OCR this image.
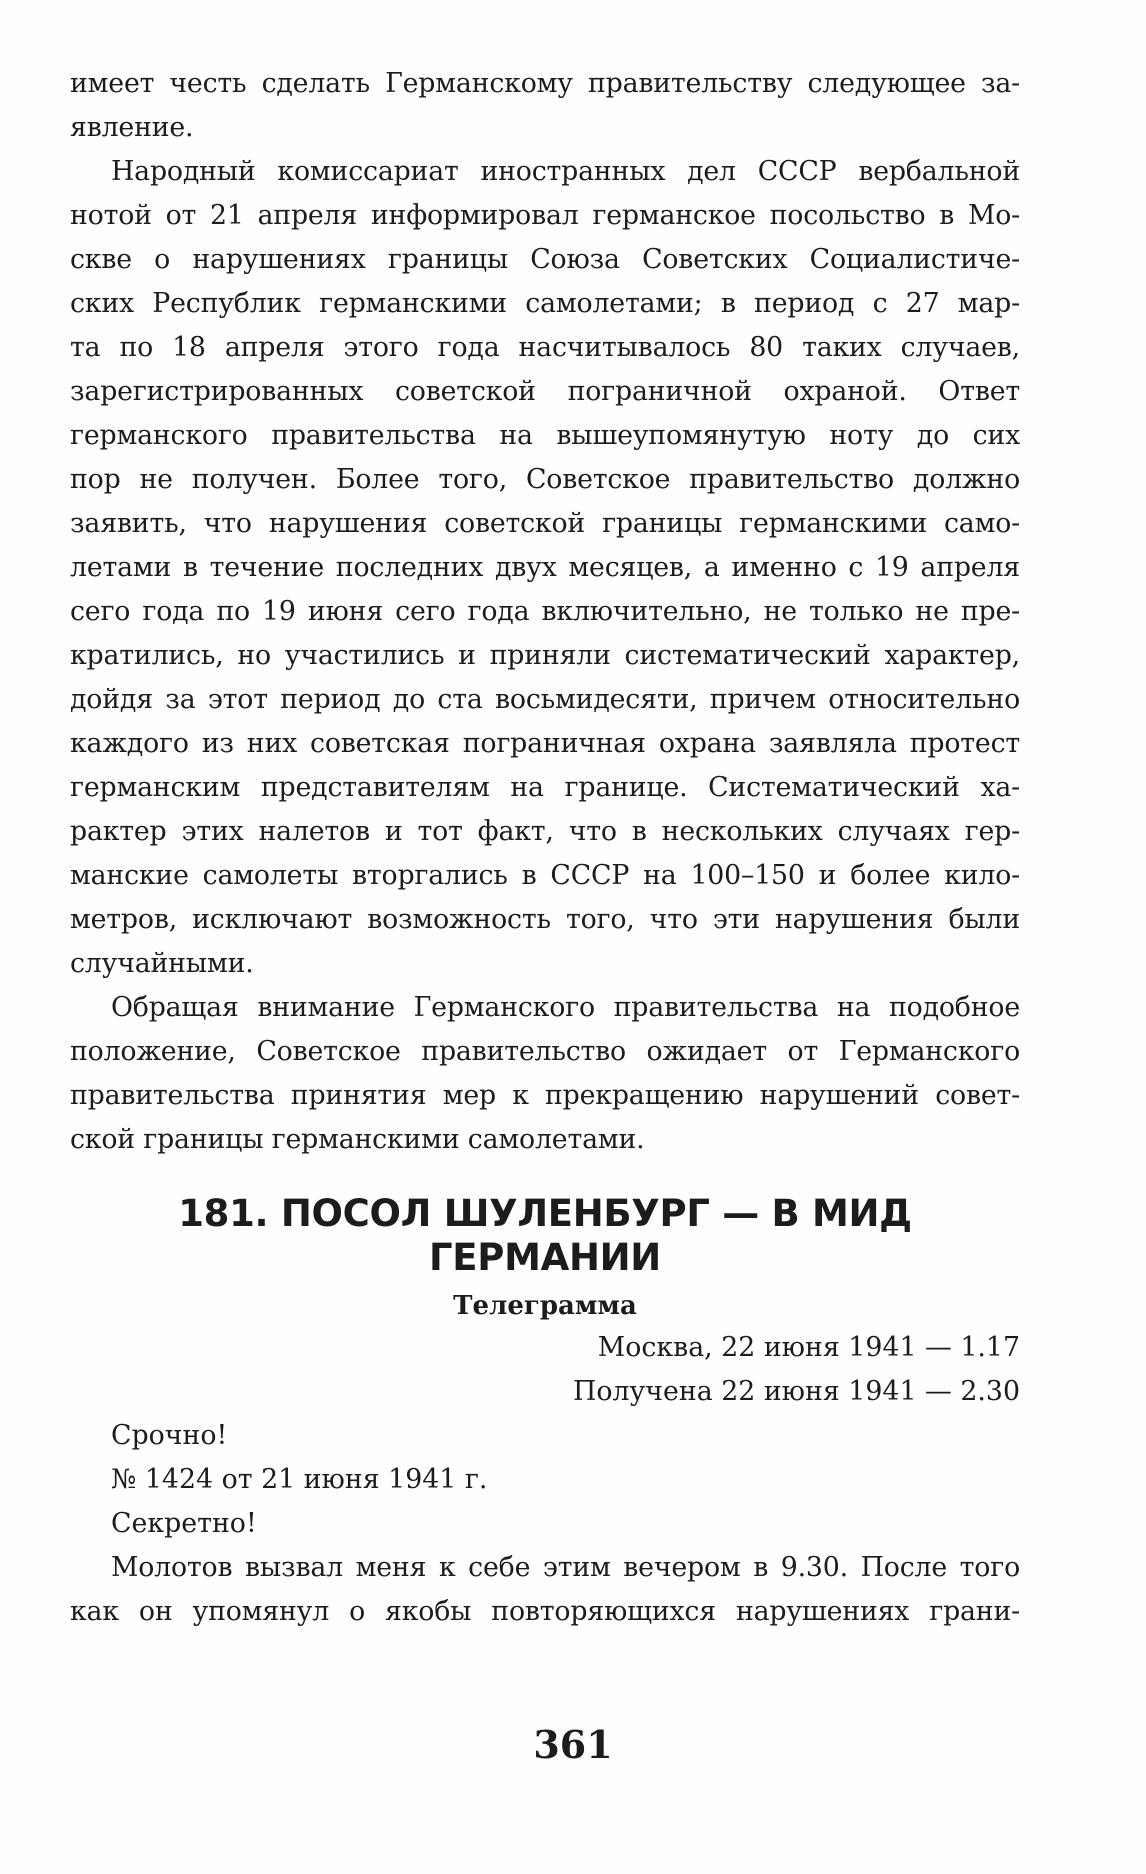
имеет честь сделать Германскому правительству следующее за-
явление.
Народный комиссариат иностранных дел СССР вербальной
нотой от 21 апреля информировал германское посольство в Мо-
скве о нарушениях границы Союза Советских Социалистиче-
ских Республик германскими самолетами; в период с 27 мар-
та по 18 апреля этого года насчитывалось 80 таких случаев,
зарегистрированных советской пограничной охраной. Ответ
германского правительства на вышеупомянутую ноту до сих
пор не получен. Более того, Советское правительство должно
заявить, что нарушения советской границы германскими само-
летами в течение последних двух месяцев, а именно с 19 апреля
сего года по 19 июня сего года включительно, не только не пре-
кратились, но участились и приняли систематический характер,
дойдя за этот период до ста восьмидесяти, причем относительно
каждого из них советская пограничная охрана заявляла протест
германским представителям на границе. Систематический ха-
рактер этих налетов и тот факт, что в нескольких случаях гер-
манские самолеты вторгались в СССР на 100–150 и более кило-
метров, исключают возможность того, что эти нарушения были
случайными.
Обращая внимание Германского правительства на подобное
положение, Советское правительство ожидает от Германского
правительства принятия мер к прекращению нарушений совет-
ской границы германскими самолетами.
181. ПОСОЛ ШУЛЕНБУРГ — В МИД
ГЕРМАНИИ
Телеграмма
Москва, 22 июня 1941 — 1.17
Получена 22 июня 1941 — 2.30
Срочно!
№ 1424 от 21 июня 1941 г.
Секретно!
Молотов вызвал меня к себе этим вечером в 9.30. После того
как он упомянул о якобы повторяющихся нарушениях грани-
361
